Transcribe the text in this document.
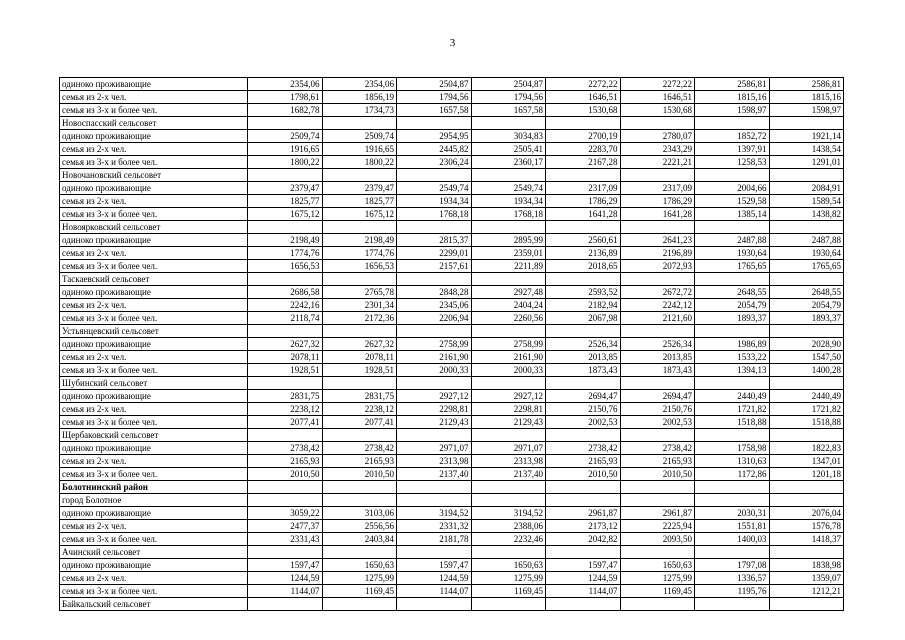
3
одиноко проживающие	2354,06	2354,06	2504,87	2504,87	2272,22	2272,22	2586,81	2586,81
семья из 2-х чел.	1798,61	1856,19	1794,56	1794,56	1646,51	1646,51	1815,16	1815,16
семья из 3-х и более чел.	1682,78	1734,73	1657,58	1657,58	1530,68	1530,68	1598,97	1598,97
Новоспасский сельсовет								
одиноко проживающие	2509,74	2509,74	2954,95	3034,83	2700,19	2780,07	1852,72	1921,14
семья из 2-х чел.	1916,65	1916,65	2445,82	2505,41	2283,70	2343,29	1397,91	1438,54
семья из 3-х и более чел.	1800,22	1800,22	2306,24	2360,17	2167,28	2221,21	1258,53	1291,01
Новочановский сельсовет								
одиноко проживающие	2379,47	2379,47	2549,74	2549,74	2317,09	2317,09	2004,66	2084,91
семья из 2-х чел.	1825,77	1825,77	1934,34	1934,34	1786,29	1786,29	1529,58	1589,54
семья из 3-х и более чел.	1675,12	1675,12	1768,18	1768,18	1641,28	1641,28	1385,14	1438,82
Новоярковский сельсовет								
одиноко проживающие	2198,49	2198,49	2815,37	2895,99	2560,61	2641,23	2487,88	2487,88
семья из 2-х чел.	1774,76	1774,76	2299,01	2359,01	2136,89	2196,89	1930,64	1930,64
семья из 3-х и более чел.	1656,53	1656,53	2157,61	2211,89	2018,65	2072,93	1765,65	1765,65
Таскаевский сельсовет								
одиноко проживающие	2686,58	2765,78	2848,28	2927,48	2593,52	2672,72	2648,55	2648,55
семья из 2-х чел.	2242,16	2301,34	2345,06	2404,24	2182,94	2242,12	2054,79	2054,79
семья из 3-х и более чел.	2118,74	2172,36	2206,94	2260,56	2067,98	2121,60	1893,37	1893,37
Устьянцевский сельсовет								
одиноко проживающие	2627,32	2627,32	2758,99	2758,99	2526,34	2526,34	1986,89	2028,90
семья из 2-х чел.	2078,11	2078,11	2161,90	2161,90	2013,85	2013,85	1533,22	1547,50
семья из 3-х и более чел.	1928,51	1928,51	2000,33	2000,33	1873,43	1873,43	1394,13	1400,28
Шубинский сельсовет								
одиноко проживающие	2831,75	2831,75	2927,12	2927,12	2694,47	2694,47	2440,49	2440,49
семья из 2-х чел.	2238,12	2238,12	2298,81	2298,81	2150,76	2150,76	1721,82	1721,82
семья из 3-х и более чел.	2077,41	2077,41	2129,43	2129,43	2002,53	2002,53	1518,88	1518,88
Щербаковский сельсовет								
одиноко проживающие	2738,42	2738,42	2971,07	2971,07	2738,42	2738,42	1758,98	1822,83
семья из 2-х чел.	2165,93	2165,93	2313,98	2313,98	2165,93	2165,93	1310,63	1347,01
семья из 3-х и более чел.	2010,50	2010,50	2137,40	2137,40	2010,50	2010,50	1172,86	1201,18
Болотнинский район								
город Болотное								
одиноко проживающие	3059,22	3103,06	3194,52	3194,52	2961,87	2961,87	2030,31	2076,04
семья из 2-х чел.	2477,37	2556,56	2331,32	2388,06	2173,12	2225,94	1551,81	1576,78
семья из 3-х и более чел.	2331,43	2403,84	2181,78	2232,46	2042,82	2093,50	1400,03	1418,37
Ачинский сельсовет								
одиноко проживающие	1597,47	1650,63	1597,47	1650,63	1597,47	1650,63	1797,08	1838,98
семья из 2-х чел.	1244,59	1275,99	1244,59	1275,99	1244,59	1275,99	1336,57	1359,07
семья из 3-х и более чел.	1144,07	1169,45	1144,07	1169,45	1144,07	1169,45	1195,76	1212,21
Байкальский сельсовет								
